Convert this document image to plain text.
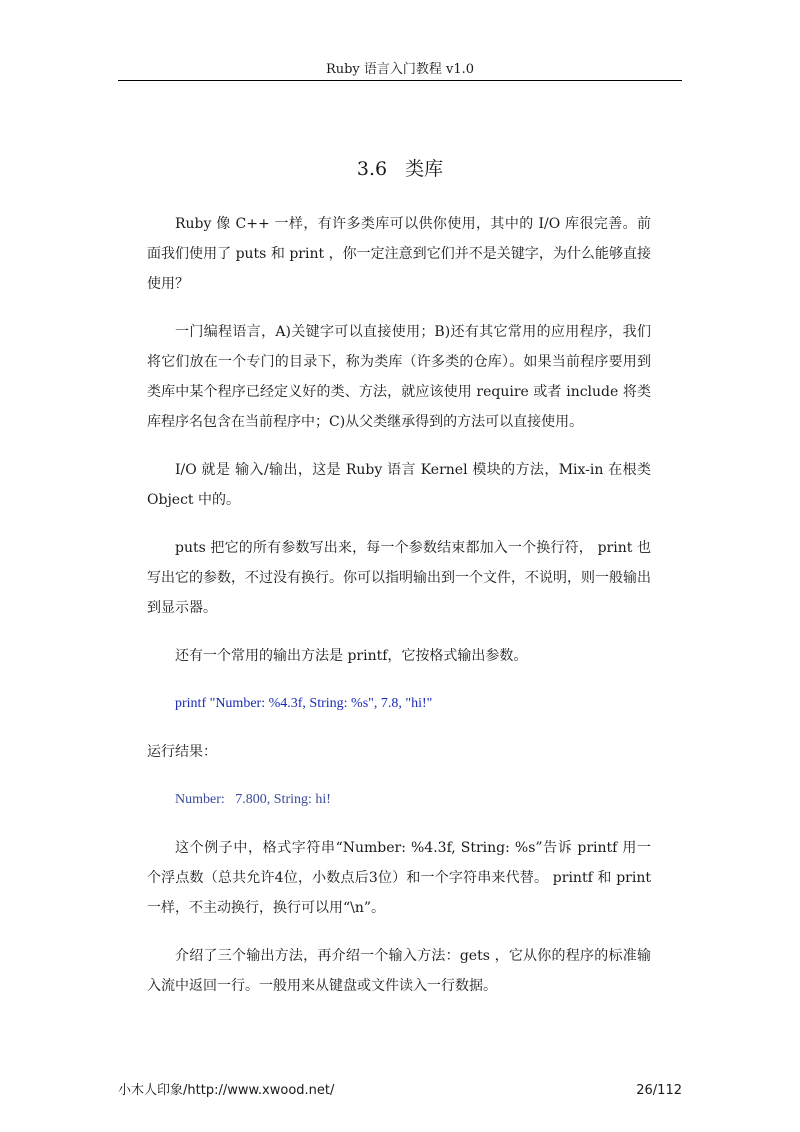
Ruby 语言入门教程 v1.0
3.6 类库

Ruby 像 C++ 一样，有许多类库可以供你使用，其中的 I/O 库很完善。前面我们使用了 puts 和 print ，你一定注意到它们并不是关键字，为什么能够直接使用？

一门编程语言，A)关键字可以直接使用；B)还有其它常用的应用程序，我们将它们放在一个专门的目录下，称为类库（许多类的仓库）。如果当前程序要用到类库中某个程序已经定义好的类、方法，就应该使用 require 或者 include 将类库程序名包含在当前程序中；C)从父类继承得到的方法可以直接使用。

I/O 就是 输入/输出，这是 Ruby 语言 Kernel 模块的方法，Mix-in 在根类 Object 中的。

puts 把它的所有参数写出来，每一个参数结束都加入一个换行符， print 也写出它的参数，不过没有换行。你可以指明输出到一个文件，不说明，则一般输出到显示器。

还有一个常用的输出方法是 printf，它按格式输出参数。

printf "Number: %4.3f, String: %s", 7.8, "hi!"

运行结果：

Number:   7.800, String: hi!

这个例子中，格式字符串“Number: %4.3f, String: %s”告诉 printf 用一个浮点数（总共允许4位，小数点后3位）和一个字符串来代替。 printf 和 print 一样，不主动换行，换行可以用“\n”。

介绍了三个输出方法，再介绍一个输入方法：gets ，它从你的程序的标准输入流中返回一行。一般用来从键盘或文件读入一行数据。

小木人印象/http://www.xwood.net/	26/112
